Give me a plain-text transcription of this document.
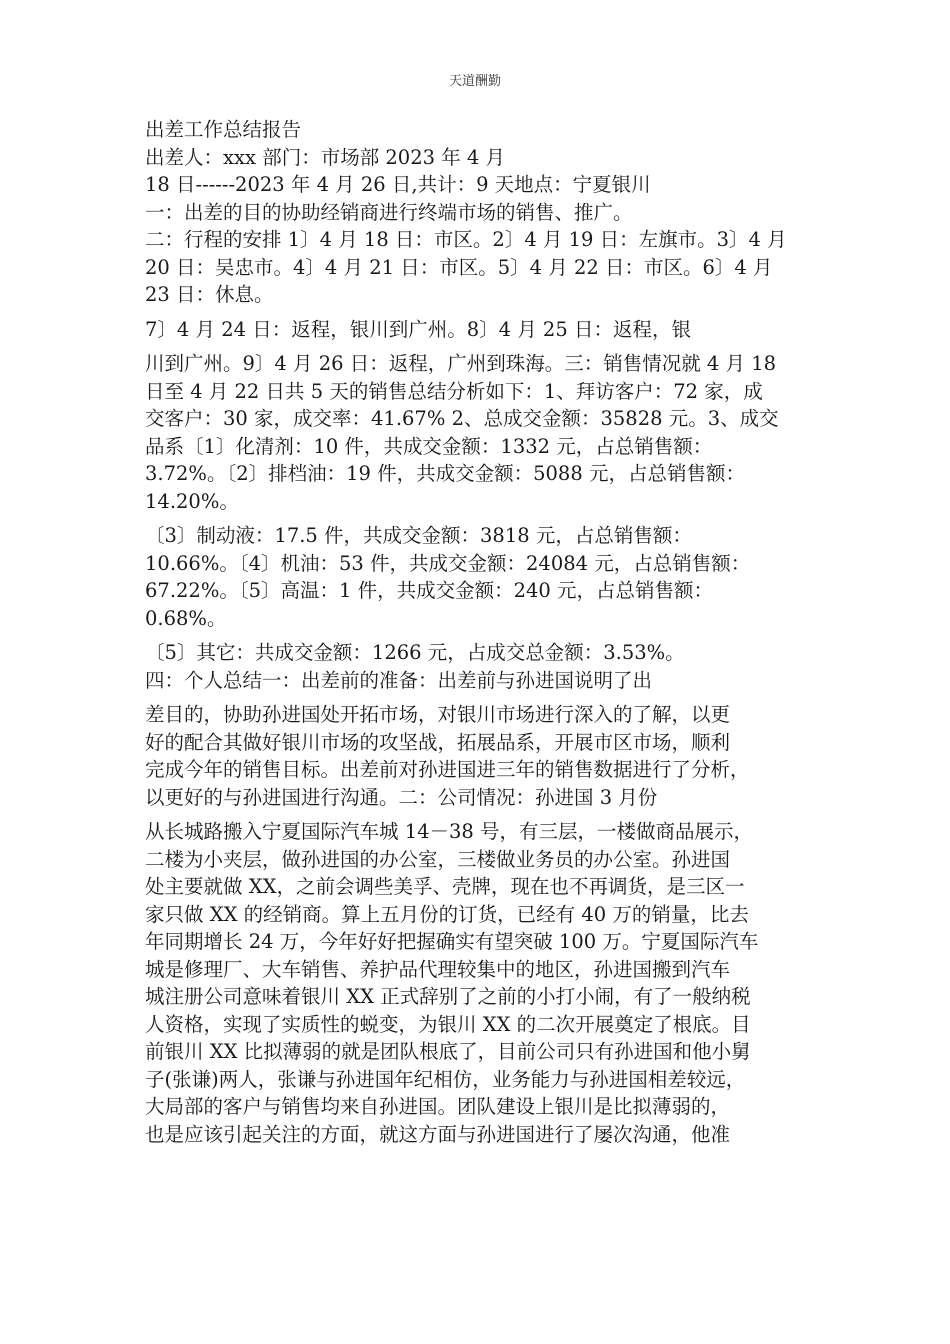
天道酬勤

出差工作总结报告

出差人：xxx 部门：市场部 2023 年 4 月

18 日------2023 年 4 月 26 日,共计：9 天地点：宁夏银川

一：出差的目的协助经销商进行终端市场的销售、推广。

二：行程的安排 1〕4 月 18 日：市区。2〕4 月 19 日：左旗市。3〕4 月

20 日：吴忠市。4〕4 月 21 日：市区。5〕4 月 22 日：市区。6〕4 月

23 日：休息。

7〕4 月 24 日：返程，银川到广州。8〕4 月 25 日：返程，银

川到广州。9〕4 月 26 日：返程，广州到珠海。三：销售情况就 4 月 18

日至 4 月 22 日共 5 天的销售总结分析如下：1、拜访客户：72 家，成

交客户：30 家，成交率：41.67% 2、总成交金额：35828 元。3、成交

品系〔1〕化清剂：10 件，共成交金额：1332 元，占总销售额：

3.72%。〔2〕排档油：19 件，共成交金额：5088 元，占总销售额：

14.20%。

〔3〕制动液：17.5 件，共成交金额：3818 元，占总销售额：

10.66%。〔4〕机油：53 件，共成交金额：24084 元，占总销售额：

67.22%。〔5〕高温：1 件，共成交金额：240 元，占总销售额：

0.68%。

〔5〕其它：共成交金额：1266 元，占成交总金额：3.53%。

四：个人总结一：出差前的准备：出差前与孙进国说明了出

差目的，协助孙进国处开拓市场，对银川市场进行深入的了解，以更

好的配合其做好银川市场的攻坚战，拓展品系，开展市区市场，顺利

完成今年的销售目标。出差前对孙进国进三年的销售数据进行了分析，

以更好的与孙进国进行沟通。二：公司情况：孙进国 3 月份

从长城路搬入宁夏国际汽车城 14－38 号，有三层，一楼做商品展示，

二楼为小夹层，做孙进国的办公室，三楼做业务员的办公室。孙进国

处主要就做 XX，之前会调些美孚、壳牌，现在也不再调货，是三区一

家只做 XX 的经销商。算上五月份的订货，已经有 40 万的销量，比去

年同期增长 24 万，今年好好把握确实有望突破 100 万。宁夏国际汽车

城是修理厂、大车销售、养护品代理较集中的地区，孙进国搬到汽车

城注册公司意味着银川 XX 正式辞别了之前的小打小闹，有了一般纳税

人资格，实现了实质性的蜕变，为银川 XX 的二次开展奠定了根底。目

前银川 XX 比拟薄弱的就是团队根底了，目前公司只有孙进国和他小舅

子(张谦)两人，张谦与孙进国年纪相仿，业务能力与孙进国相差较远，

大局部的客户与销售均来自孙进国。团队建设上银川是比拟薄弱的，

也是应该引起关注的方面，就这方面与孙进国进行了屡次沟通，他准
